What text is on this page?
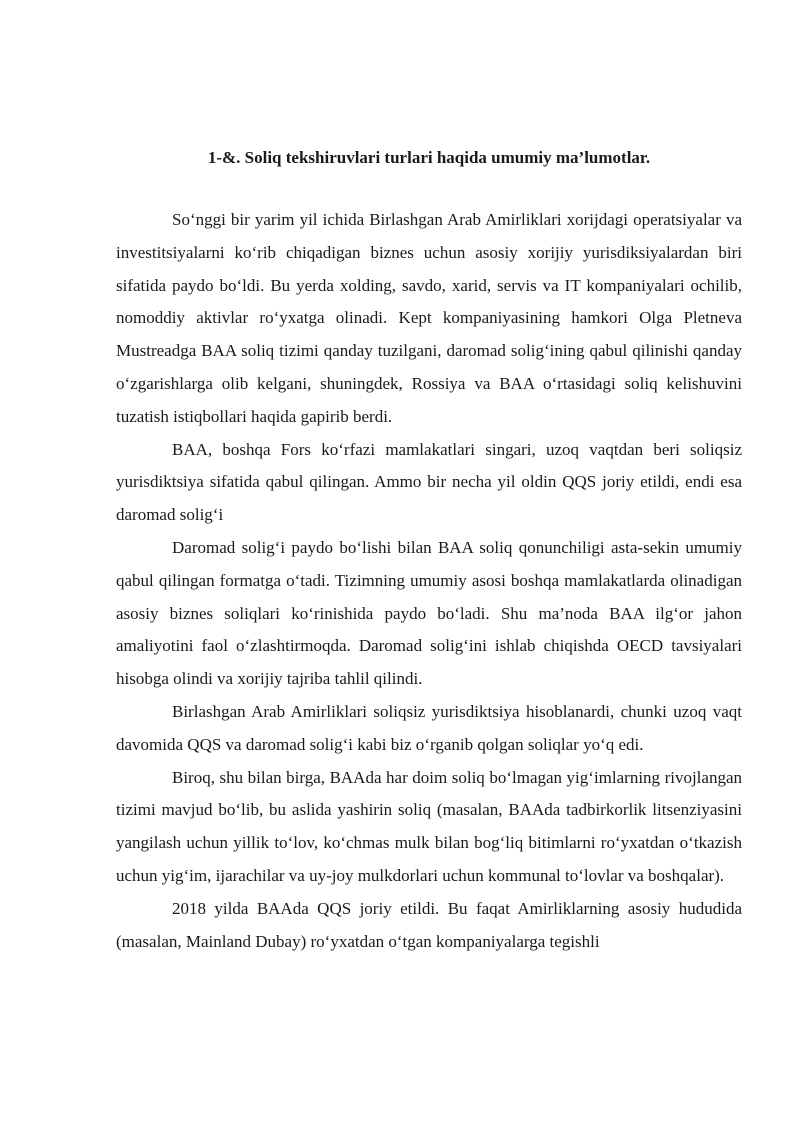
1-&. Soliq tekshiruvlari turlari haqida umumiy ma’lumotlar.

So‘nggi bir yarim yil ichida Birlashgan Arab Amirliklari xorijdagi operatsiyalar va investitsiyalarni ko‘rib chiqadigan biznes uchun asosiy xorijiy yurisdiksiyalardan biri sifatida paydo bo‘ldi. Bu yerda xolding, savdo, xarid, servis va IT kompaniyalari ochilib, nomoddiy aktivlar ro‘yxatga olinadi. Kept kompaniyasining hamkori Olga Pletneva Mustreadga BAA soliq tizimi qanday tuzilgani, daromad solig‘ining qabul qilinishi qanday o‘zgarishlarga olib kelgani, shuningdek, Rossiya va BAA o‘rtasidagi soliq kelishuvini tuzatish istiqbollari haqida gapirib berdi.

BAA, boshqa Fors ko‘rfazi mamlakatlari singari, uzoq vaqtdan beri soliqsiz yurisdiktsiya sifatida qabul qilingan. Ammo bir necha yil oldin QQS joriy etildi, endi esa daromad solig‘i

Daromad solig‘i paydo bo‘lishi bilan BAA soliq qonunchiligi asta-sekin umumiy qabul qilingan formatga o‘tadi. Tizimning umumiy asosi boshqa mamlakatlarda olinadigan asosiy biznes soliqlari ko‘rinishida paydo bo‘ladi. Shu ma’noda BAA ilg‘or jahon amaliyotini faol o‘zlashtirmoqda. Daromad solig‘ini ishlab chiqishda OECD tavsiyalari hisobga olindi va xorijiy tajriba tahlil qilindi.

Birlashgan Arab Amirliklari soliqsiz yurisdiktsiya hisoblanardi, chunki uzoq vaqt davomida QQS va daromad solig‘i kabi biz o‘rganib qolgan soliqlar yo‘q edi.

Biroq, shu bilan birga, BAAda har doim soliq bo‘lmagan yig‘imlarning rivojlangan tizimi mavjud bo‘lib, bu aslida yashirin soliq (masalan, BAAda tadbirkorlik litsenziyasini yangilash uchun yillik to‘lov, ko‘chmas mulk bilan bog‘liq bitimlarni ro‘yxatdan o‘tkazish uchun yig‘im, ijarachilar va uy-joy mulkdorlari uchun kommunal to‘lovlar va boshqalar).

2018 yilda BAAda QQS joriy etildi. Bu faqat Amirliklarning asosiy hududida (masalan, Mainland Dubay) ro‘yxatdan o‘tgan kompaniyalarga tegishli
